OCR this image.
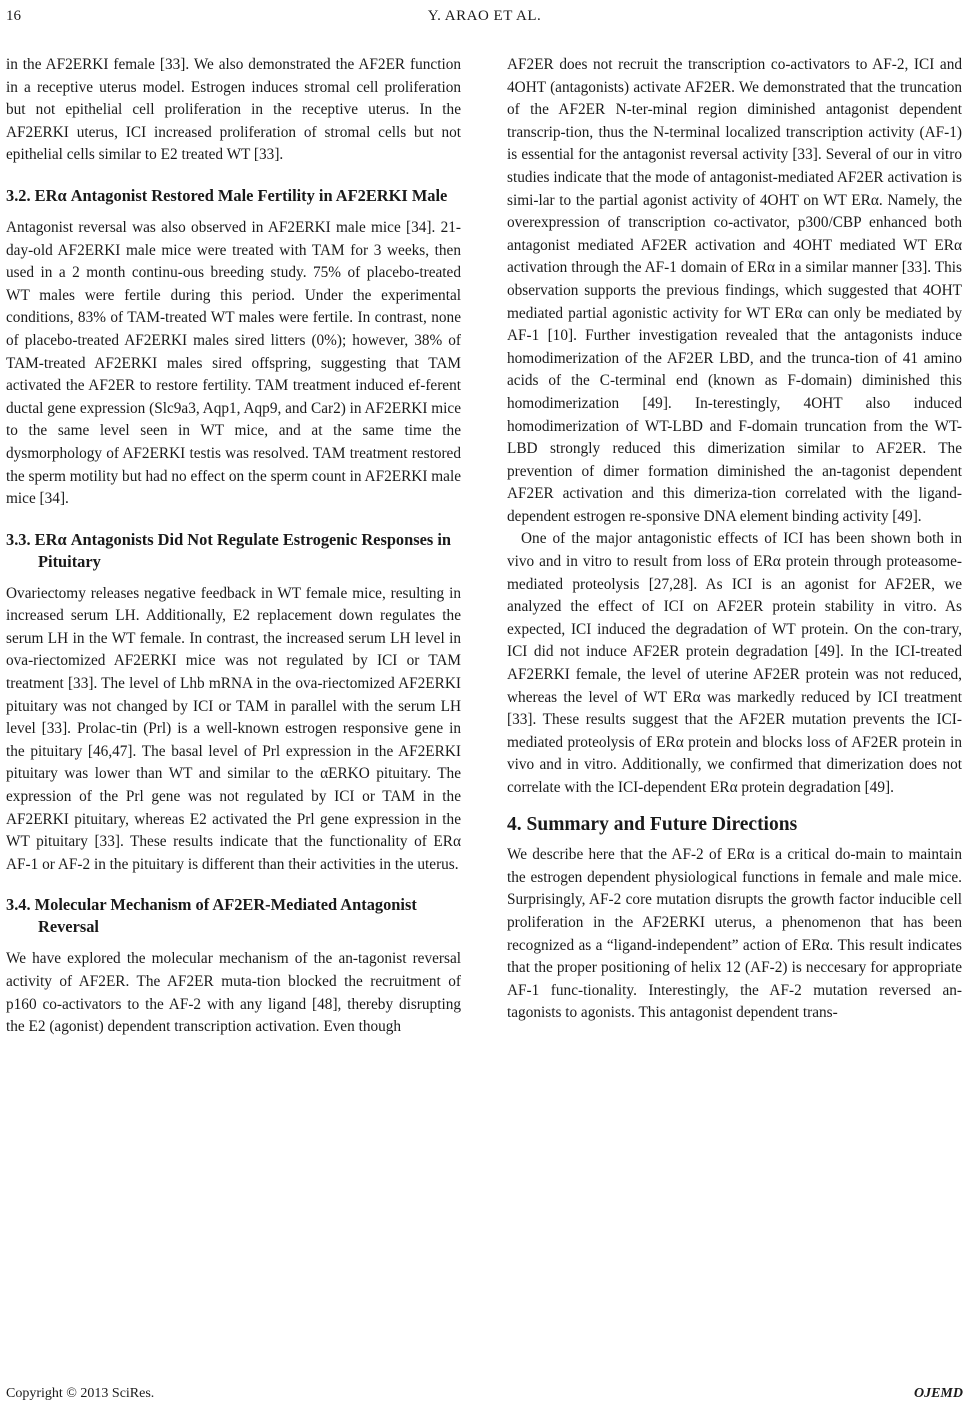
16	Y. ARAO ET AL.

in the AF2ERKI female [33]. We also demonstrated the AF2ER function in a receptive uterus model. Estrogen induces stromal cell proliferation but not epithelial cell proliferation in the receptive uterus. In the AF2ERKI uterus, ICI increased proliferation of stromal cells but not epithelial cells similar to E2 treated WT [33].

3.2. ERα Antagonist Restored Male Fertility in AF2ERKI Male

Antagonist reversal was also observed in AF2ERKI male mice [34]. 21-day-old AF2ERKI male mice were treated with TAM for 3 weeks, then used in a 2 month continu-ous breeding study. 75% of placebo-treated WT males were fertile during this period. Under the experimental conditions, 83% of TAM-treated WT males were fertile. In contrast, none of placebo-treated AF2ERKI males sired litters (0%); however, 38% of TAM-treated AF2ERKI males sired offspring, suggesting that TAM activated the AF2ER to restore fertility. TAM treatment induced ef-ferent ductal gene expression (Slc9a3, Aqp1, Aqp9, and Car2) in AF2ERKI mice to the same level seen in WT mice, and at the same time the dysmorphology of AF2ERKI testis was resolved. TAM treatment restored the sperm motility but had no effect on the sperm count in AF2ERKI male mice [34].

3.3. ERα Antagonists Did Not Regulate Estrogenic Responses in Pituitary

Ovariectomy releases negative feedback in WT female mice, resulting in increased serum LH. Additionally, E2 replacement down regulates the serum LH in the WT female. In contrast, the increased serum LH level in ova-riectomized AF2ERKI mice was not regulated by ICI or TAM treatment [33]. The level of Lhb mRNA in the ova-riectomized AF2ERKI pituitary was not changed by ICI or TAM in parallel with the serum LH level [33]. Prolac-tin (Prl) is a well-known estrogen responsive gene in the pituitary [46,47]. The basal level of Prl expression in the AF2ERKI pituitary was lower than WT and similar to the αERKO pituitary. The expression of the Prl gene was not regulated by ICI or TAM in the AF2ERKI pituitary, whereas E2 activated the Prl gene expression in the WT pituitary [33]. These results indicate that the functionality of ERα AF-1 or AF-2 in the pituitary is different than their activities in the uterus.

3.4. Molecular Mechanism of AF2ER-Mediated Antagonist Reversal

We have explored the molecular mechanism of the an-tagonist reversal activity of AF2ER. The AF2ER muta-tion blocked the recruitment of p160 co-activators to the AF-2 with any ligand [48], thereby disrupting the E2 (agonist) dependent transcription activation. Even though

AF2ER does not recruit the transcription co-activators to AF-2, ICI and 4OHT (antagonists) activate AF2ER. We demonstrated that the truncation of the AF2ER N-ter-minal region diminished antagonist dependent transcrip-tion, thus the N-terminal localized transcription activity (AF-1) is essential for the antagonist reversal activity [33]. Several of our in vitro studies indicate that the mode of antagonist-mediated AF2ER activation is simi-lar to the partial agonist activity of 4OHT on WT ERα. Namely, the overexpression of transcription co-activator, p300/CBP enhanced both antagonist mediated AF2ER activation and 4OHT mediated WT ERα activation through the AF-1 domain of ERα in a similar manner [33]. This observation supports the previous findings, which suggested that 4OHT mediated partial agonistic activity for WT ERα can only be mediated by AF-1 [10]. Further investigation revealed that the antagonists induce homodimerization of the AF2ER LBD, and the trunca-tion of 41 amino acids of the C-terminal end (known as F-domain) diminished this homodimerization [49]. In-terestingly, 4OHT also induced homodimerization of WT-LBD and F-domain truncation from the WT-LBD strongly reduced this dimerization similar to AF2ER. The prevention of dimer formation diminished the an-tagonist dependent AF2ER activation and this dimeriza-tion correlated with the ligand-dependent estrogen re-sponsive DNA element binding activity [49].

One of the major antagonistic effects of ICI has been shown both in vivo and in vitro to result from loss of ERα protein through proteasome-mediated proteolysis [27,28]. As ICI is an agonist for AF2ER, we analyzed the effect of ICI on AF2ER protein stability in vitro. As expected, ICI induced the degradation of WT protein. On the con-trary, ICI did not induce AF2ER protein degradation [49]. In the ICI-treated AF2ERKI female, the level of uterine AF2ER protein was not reduced, whereas the level of WT ERα was markedly reduced by ICI treatment [33]. These results suggest that the AF2ER mutation prevents the ICI-mediated proteolysis of ERα protein and blocks loss of AF2ER protein in vivo and in vitro. Additionally, we confirmed that dimerization does not correlate with the ICI-dependent ERα protein degradation [49].

4. Summary and Future Directions

We describe here that the AF-2 of ERα is a critical do-main to maintain the estrogen dependent physiological functions in female and male mice. Surprisingly, AF-2 core mutation disrupts the growth factor inducible cell proliferation in the AF2ERKI uterus, a phenomenon that has been recognized as a “ligand-independent” action of ERα. This result indicates that the proper positioning of helix 12 (AF-2) is neccesary for appropriate AF-1 func-tionality. Interestingly, the AF-2 mutation reversed an-tagonists to agonists. This antagonist dependent trans-

Copyright © 2013 SciRes.	OJEMD
